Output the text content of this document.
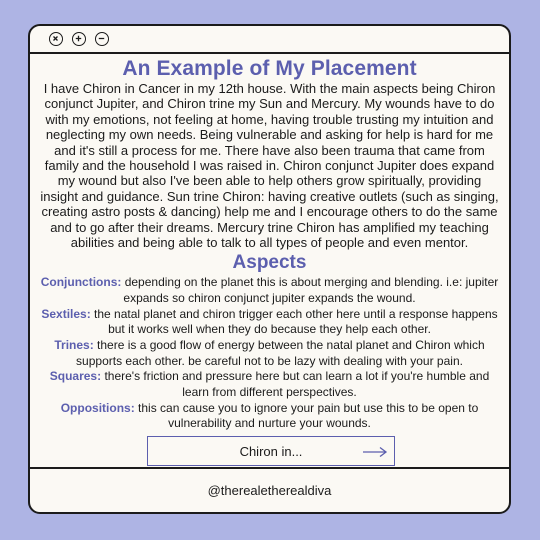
An Example of My Placement
I have Chiron in Cancer in my 12th house. With the main aspects being Chiron conjunct Jupiter, and Chiron trine my Sun and Mercury. My wounds have to do with my emotions, not feeling at home, having trouble trusting my intuition and neglecting my own needs. Being vulnerable and asking for help is hard for me and it's still a process for me. There have also been trauma that came from family and the household I was raised in. Chiron conjunct Jupiter does expand my wound but also I've been able to help others grow spiritually, providing insight and guidance. Sun trine Chiron: having creative outlets (such as singing, creating astro posts & dancing) help me and I encourage others to do the same and to go after their dreams. Mercury trine Chiron has amplified my teaching abilities and being able to talk to all types of people and even mentor.
Aspects
Conjunctions: depending on the planet this is about merging and blending. i.e: jupiter expands so chiron conjunct jupiter expands the wound.
Sextiles: the natal planet and chiron trigger each other here until a response happens but it works well when they do because they help each other.
Trines: there is a good flow of energy between the natal planet and Chiron which supports each other. be careful not to be lazy with dealing with your pain.
Squares: there's friction and pressure here but can learn a lot if you're humble and learn from different perspectives.
Oppositions: this can cause you to ignore your pain but use this to be open to vulnerability and nurture your wounds.
Chiron in...
@therealetherealdiva
